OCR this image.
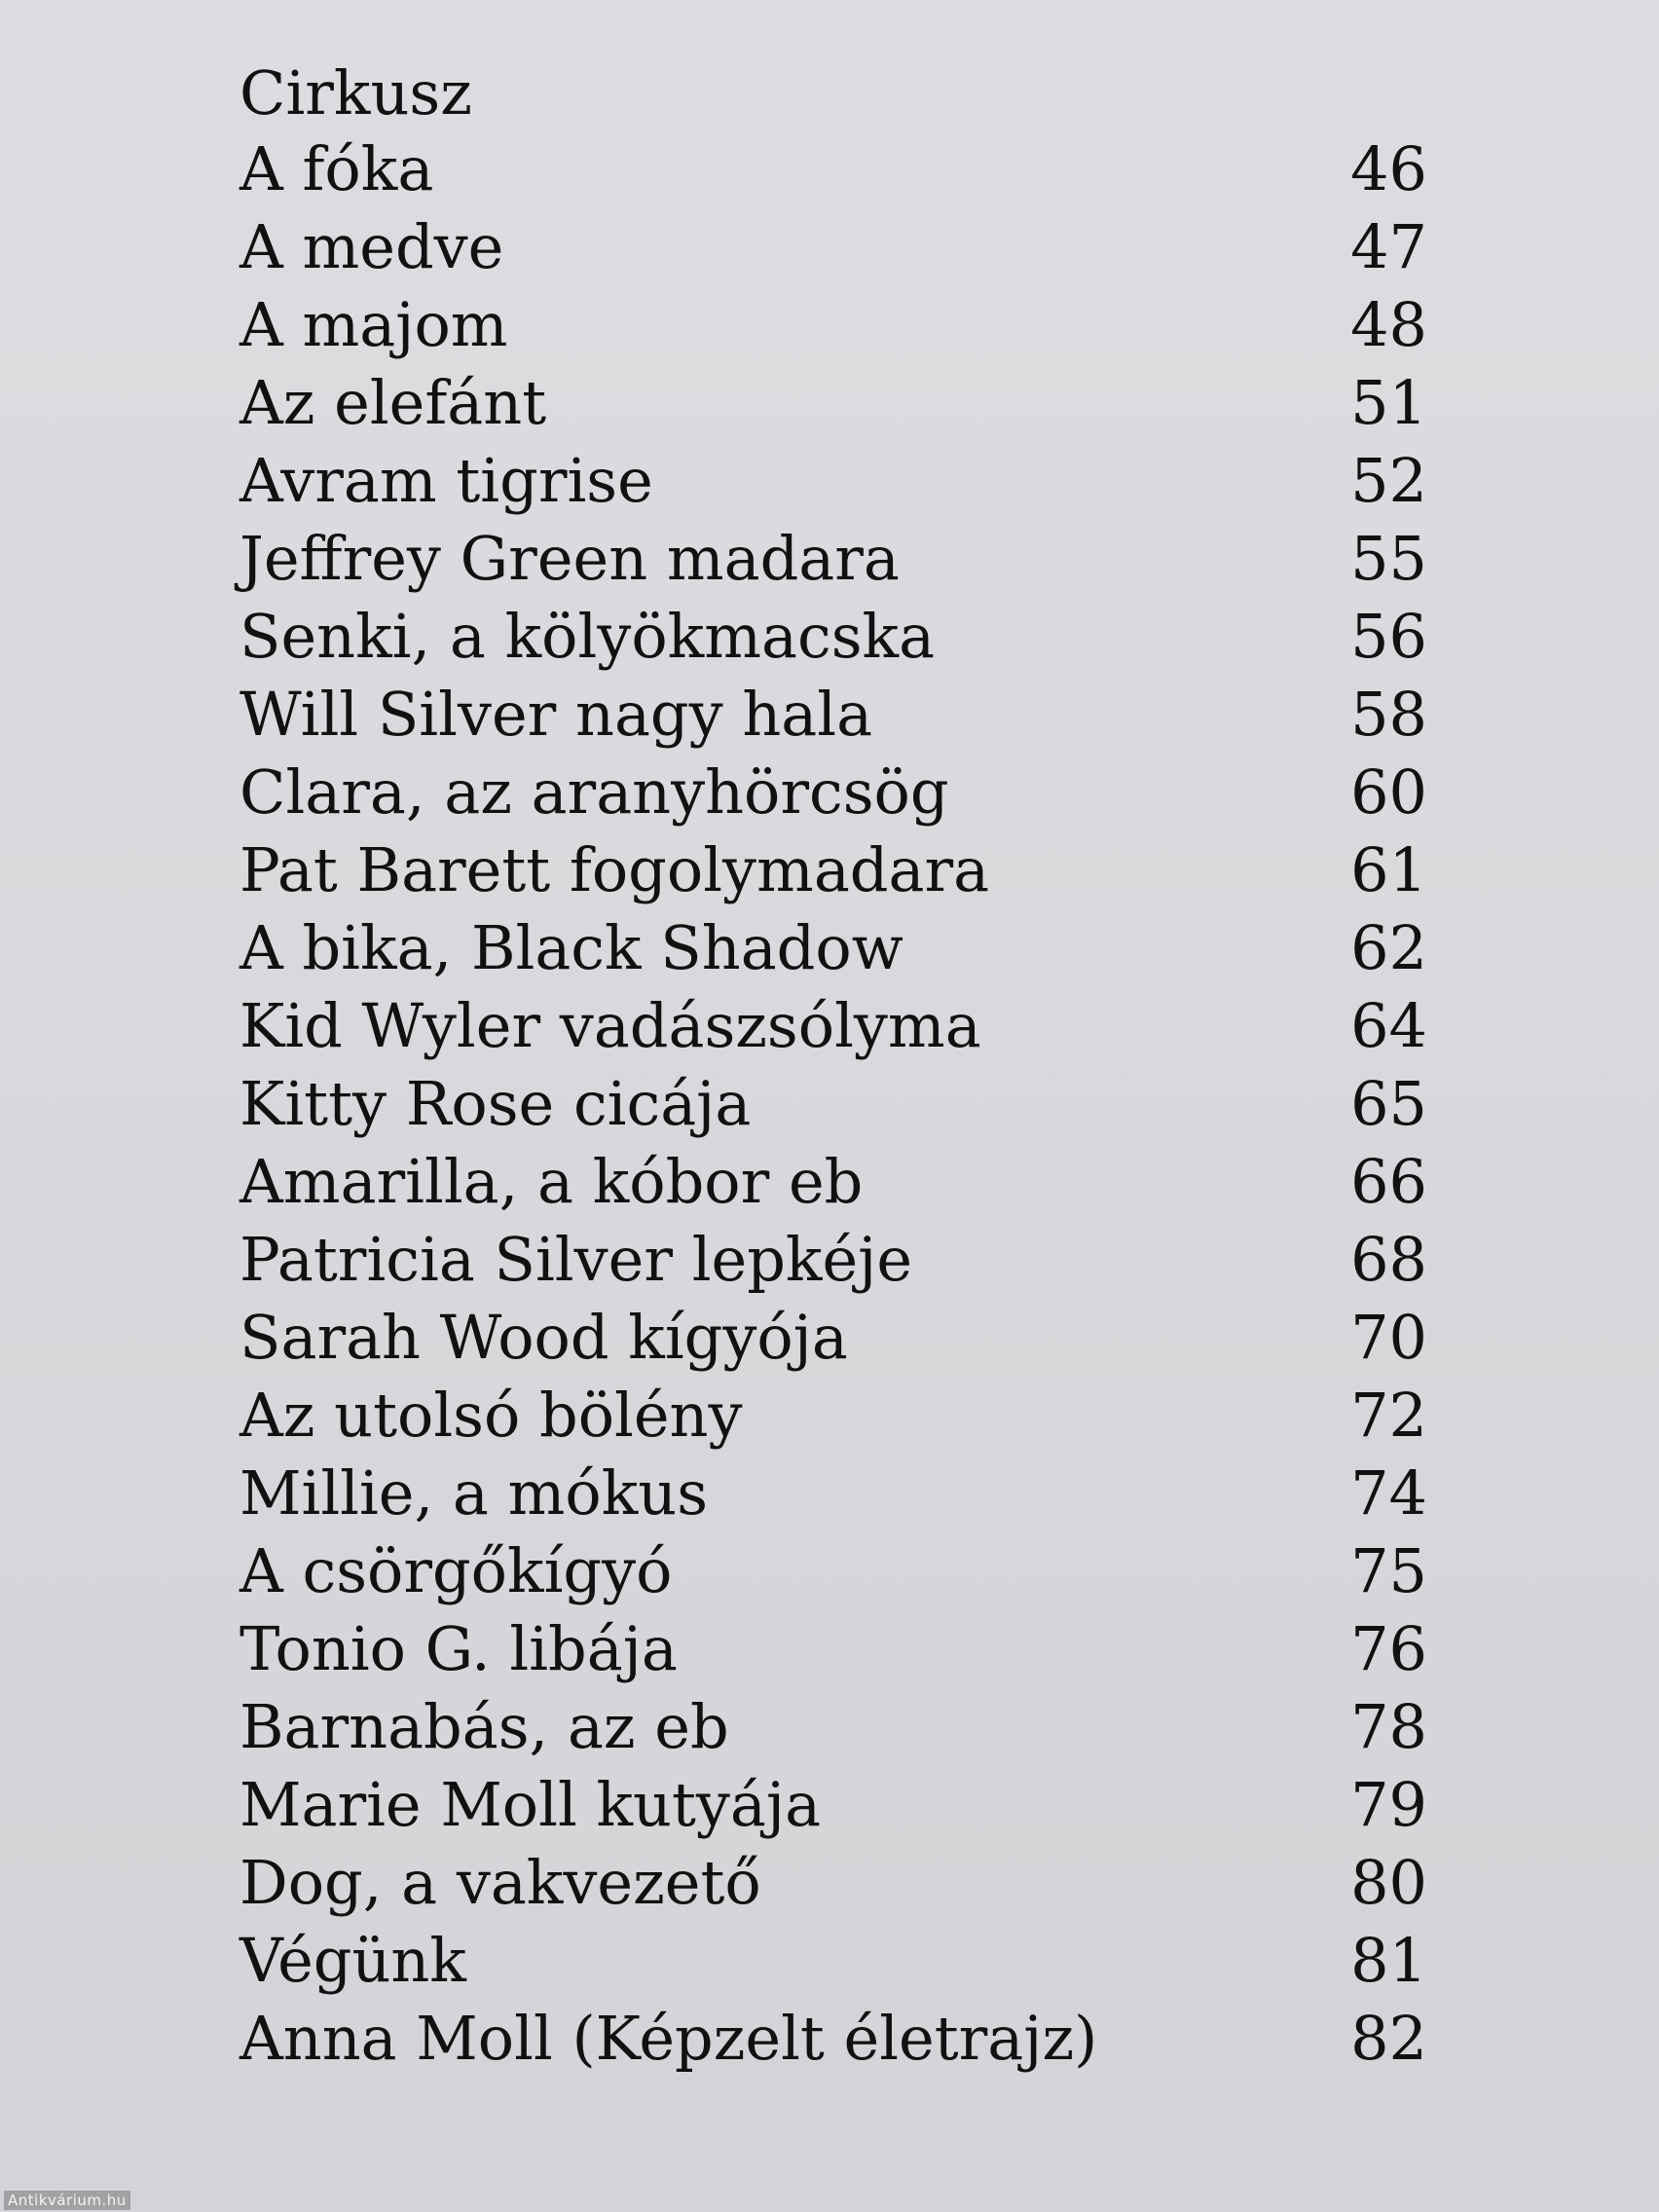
Cirkusz
A fóka	46
A medve	47
A majom	48
Az elefánt	51
Avram tigrise	52
Jeffrey Green madara	55
Senki, a kölyökmacska	56
Will Silver nagy hala	58
Clara, az aranyhörcsög	60
Pat Barett fogolymadara	61
A bika, Black Shadow	62
Kid Wyler vadászsólyma	64
Kitty Rose cicája	65
Amarilla, a kóbor eb	66
Patricia Silver lepkéje	68
Sarah Wood kígyója	70
Az utolsó bölény	72
Millie, a mókus	74
A csörgőkígyó	75
Tonio G. libája	76
Barnabás, az eb	78
Marie Moll kutyája	79
Dog, a vakvezető	80
Végünk	81
Anna Moll (Képzelt életrajz)	82
Antikvárium.hu
